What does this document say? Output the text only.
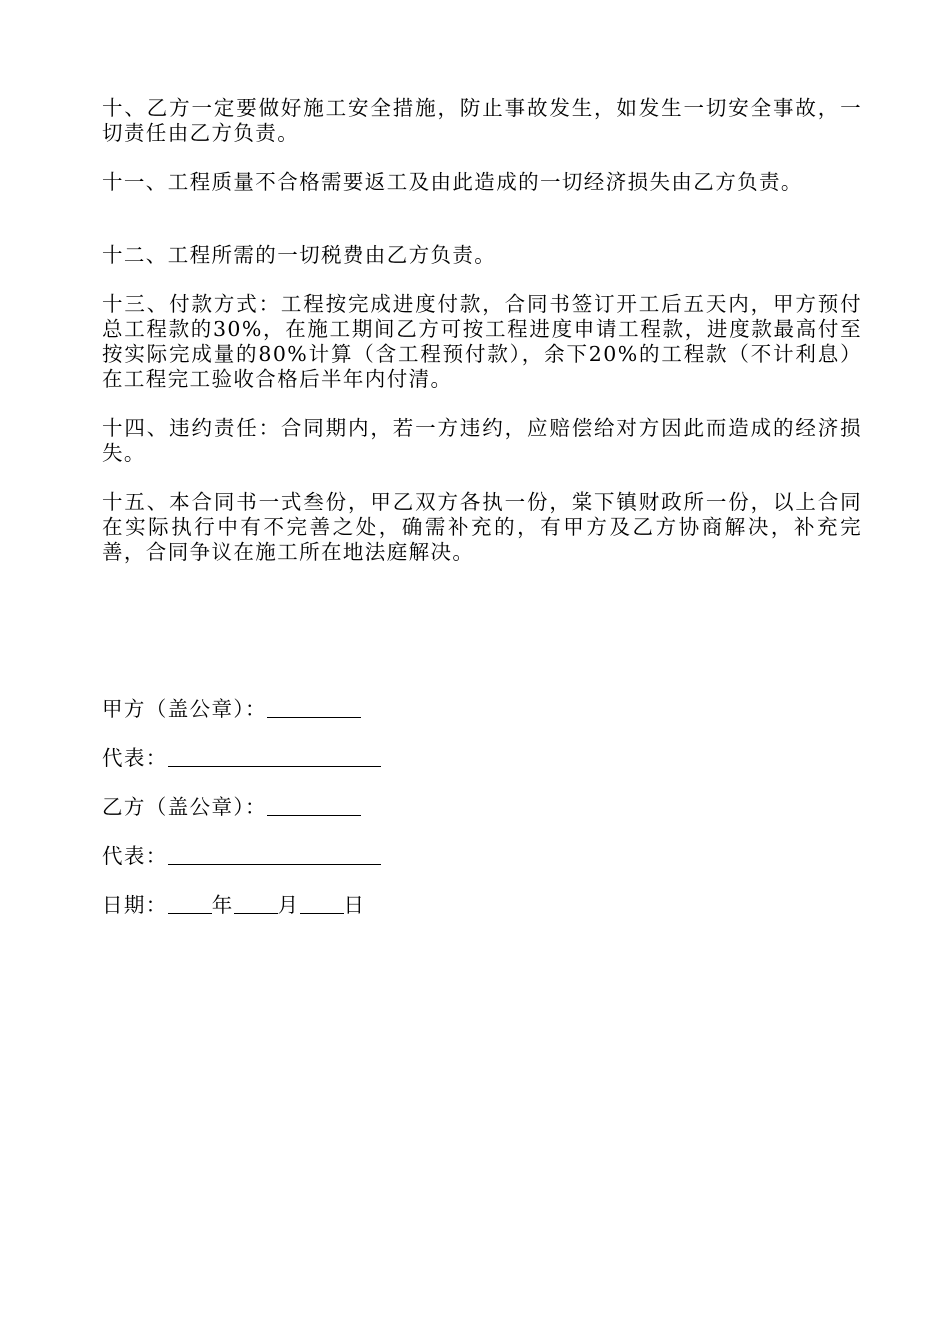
十、乙方一定要做好施工安全措施，防止事故发生，如发生一切安全事故，一切责任由乙方负责。

十一、工程质量不合格需要返工及由此造成的一切经济损失由乙方负责。

十二、工程所需的一切税费由乙方负责。

十三、付款方式：工程按完成进度付款，合同书签订开工后五天内，甲方预付总工程款的30%，在施工期间乙方可按工程进度申请工程款，进度款最高付至按实际完成量的80%计算（含工程预付款），余下20%的工程款（不计利息）在工程完工验收合格后半年内付清。

十四、违约责任：合同期内，若一方违约，应赔偿给对方因此而造成的经济损失。

十五、本合同书一式叁份，甲乙双方各执一份，棠下镇财政所一份，以上合同在实际执行中有不完善之处，确需补充的，有甲方及乙方协商解决，补充完善，合同争议在施工所在地法庭解决。

甲方（盖公章）：
代表：
乙方（盖公章）：
代表：
日期： 年 月 日
